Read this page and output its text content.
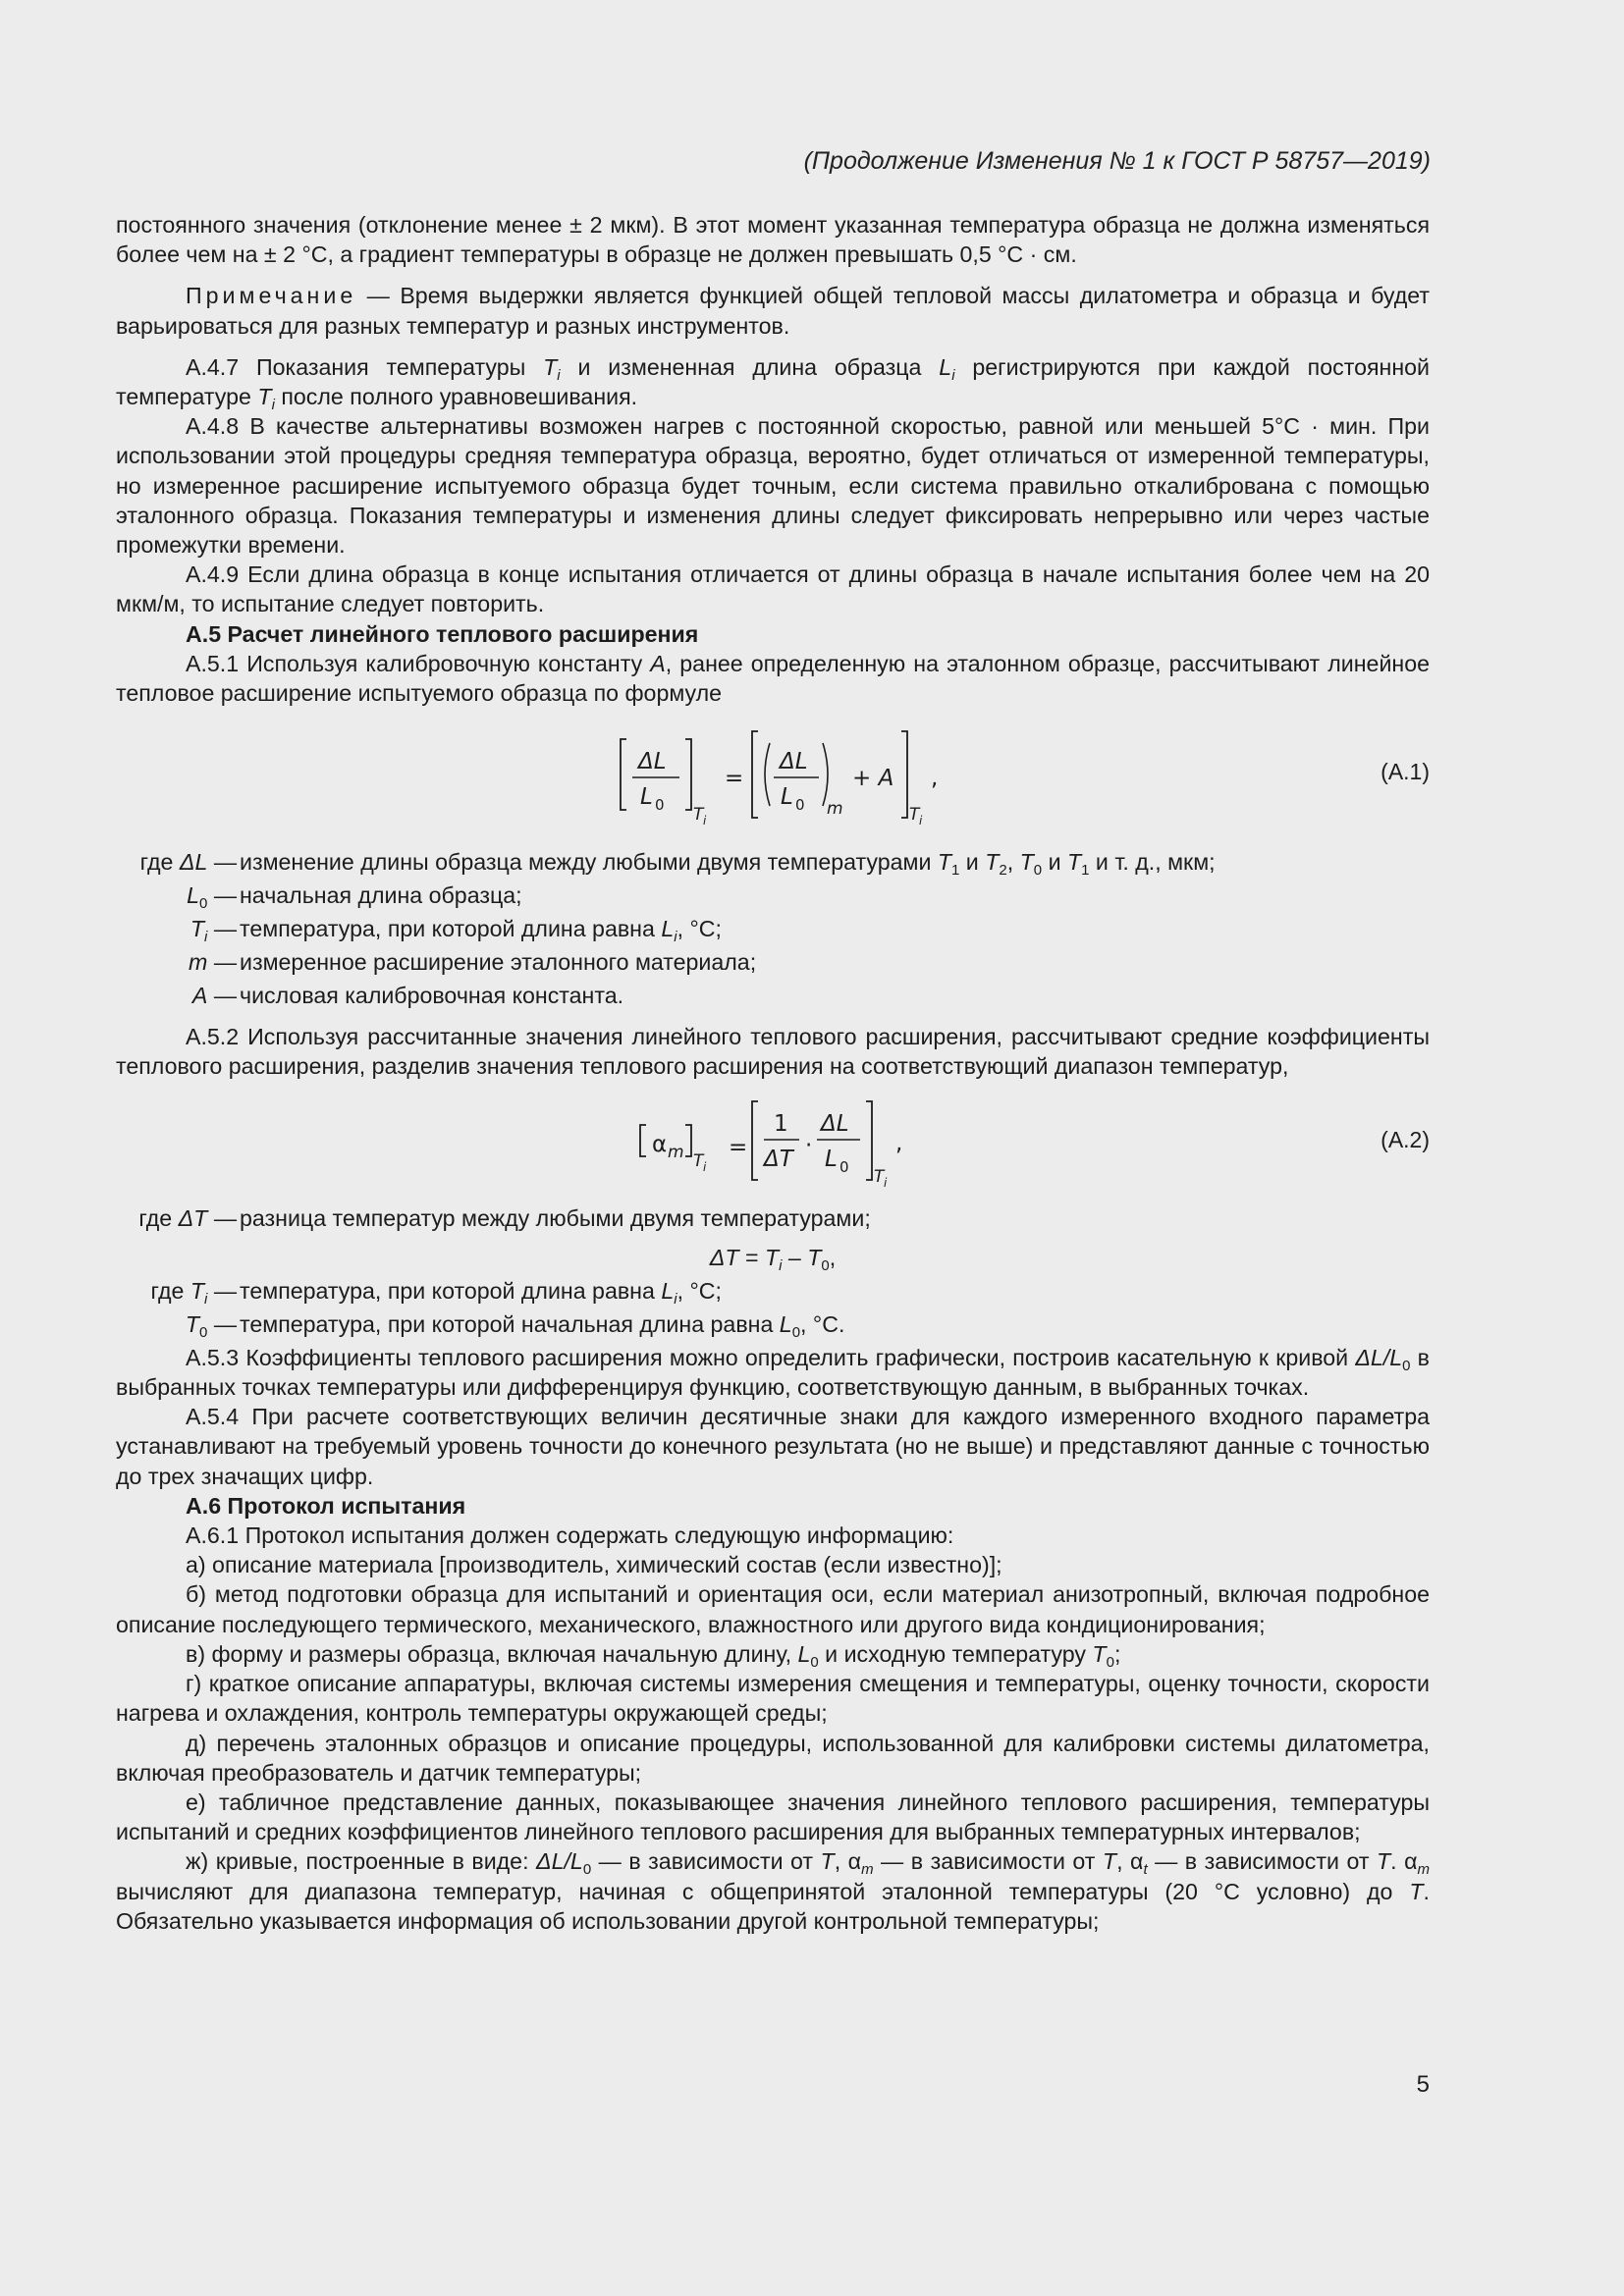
(Продолжение Изменения № 1 к ГОСТ Р 58757—2019)

постоянного значения (отклонение менее ± 2 мкм). В этот момент указанная температура образца не должна изменяться более чем на ± 2 °С, а градиент температуры в образце не должен превышать 0,5 °С · см.

Примечание — Время выдержки является функцией общей тепловой массы дилатометра и образца и будет варьироваться для разных температур и разных инструментов.

А.4.7 Показания температуры $T_i$ и измененная длина образца $L_i$ регистрируются при каждой постоянной температуре $T_i$ после полного уравновешивания.

А.4.8 В качестве альтернативы возможен нагрев с постоянной скоростью, равной или меньшей 5°С · мин. При использовании этой процедуры средняя температура образца, вероятно, будет отличаться от измеренной температуры, но измеренное расширение испытуемого образца будет точным, если система правильно откалибрована с помощью эталонного образца. Показания температуры и изменения длины следует фиксировать непрерывно или через частые промежутки времени.

А.4.9 Если длина образца в конце испытания отличается от длины образца в начале испытания более чем на 20 мкм/м, то испытание следует повторить.

А.5 Расчет линейного теплового расширения

А.5.1 Используя калибровочную константу А, ранее определенную на эталонном образце, рассчитывают линейное тепловое расширение испытуемого образца по формуле

ΔL
L 0 T i
=
ΔL
L 0 m
+ A
T i
,	(А.1)
где ΔL — изменение длины образца между любыми двумя температурами $T_1$ и $T_2$, $T_0$ и $T_1$ и т. д., мкм;
$L_0$ — начальная длина образца;
$T_i$ — температура, при которой длина равна $L_i$, °С;
m — измеренное расширение эталонного материала;
A — числовая калибровочная константа.

А.5.2 Используя рассчитанные значения линейного теплового расширения, рассчитывают средние коэффициенты теплового расширения, разделив значения теплового расширения на соответствующий диапазон температур,

α m T i
=
1
ΔT
·
ΔL
L 0 T i
,	(А.2)
где ΔT — разница температур между любыми двумя температурами;
$\Delta T = T_i - T_0$,
где $T_i$ — температура, при которой длина равна $L_i$, °С;
$T_0$ — температура, при которой начальная длина равна $L_0$, °С.

А.5.3 Коэффициенты теплового расширения можно определить графически, построив касательную к кривой $\Delta L/L_0$ в выбранных точках температуры или дифференцируя функцию, соответствующую данным, в выбранных точках.

А.5.4 При расчете соответствующих величин десятичные знаки для каждого измеренного входного параметра устанавливают на требуемый уровень точности до конечного результата (но не выше) и представляют данные с точностью до трех значащих цифр.

А.6 Протокол испытания

А.6.1 Протокол испытания должен содержать следующую информацию:

а) описание материала [производитель, химический состав (если известно)];

б) метод подготовки образца для испытаний и ориентация оси, если материал анизотропный, включая подробное описание последующего термического, механического, влажностного или другого вида кондиционирования;

в) форму и размеры образца, включая начальную длину, $L_0$ и исходную температуру $T_0$;

г) краткое описание аппаратуры, включая системы измерения смещения и температуры, оценку точности, скорости нагрева и охлаждения, контроль температуры окружающей среды;

д) перечень эталонных образцов и описание процедуры, использованной для калибровки системы дилатометра, включая преобразователь и датчик температуры;

е) табличное представление данных, показывающее значения линейного теплового расширения, температуры испытаний и средних коэффициентов линейного теплового расширения для выбранных температурных интервалов;

ж) кривые, построенные в виде: $\Delta L/L_0$ — в зависимости от T, $\alpha_m$ — в зависимости от T, $\alpha_t$ — в зависимости от T. $\alpha_m$ вычисляют для диапазона температур, начиная с общепринятой эталонной температуры (20 °С условно) до T. Обязательно указывается информация об использовании другой контрольной температуры;

5
